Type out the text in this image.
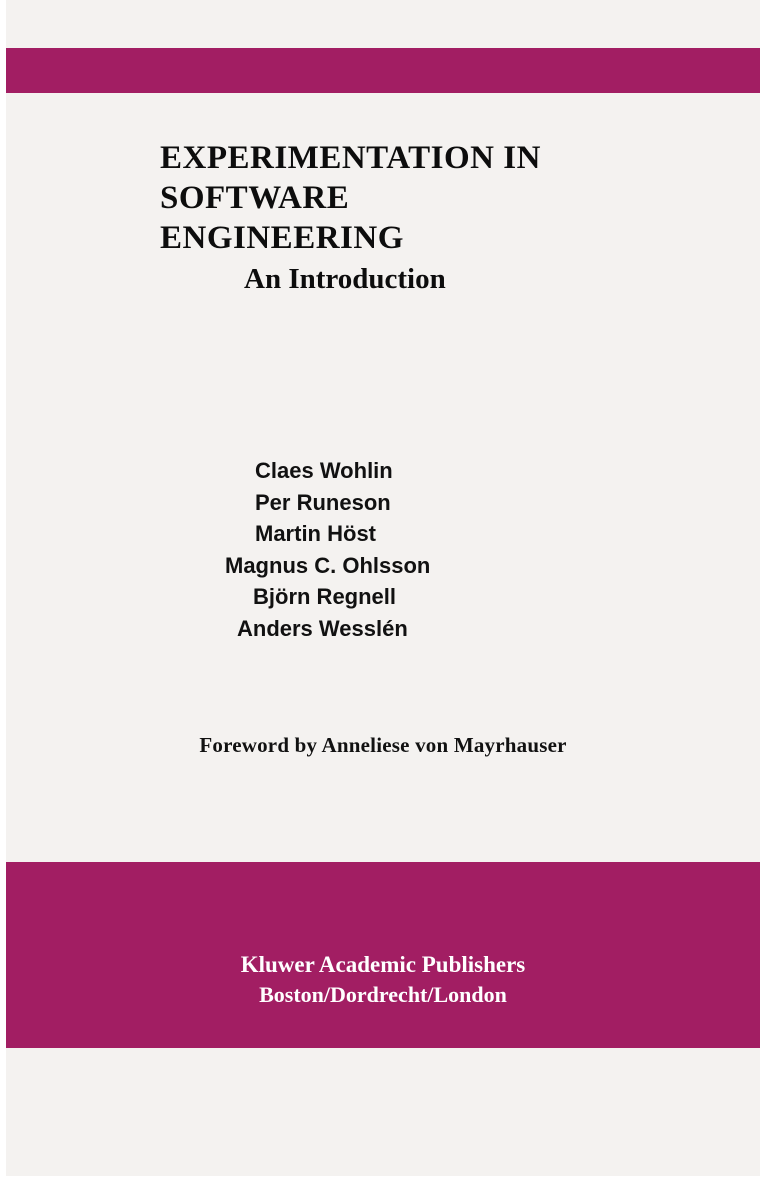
EXPERIMENTATION IN
SOFTWARE
ENGINEERING
An Introduction
Claes Wohlin
Per Runeson
Martin Höst
Magnus C. Ohlsson
Björn Regnell
Anders Wesslén
Foreword by Anneliese von Mayrhauser
Kluwer Academic Publishers
Boston/Dordrecht/London
